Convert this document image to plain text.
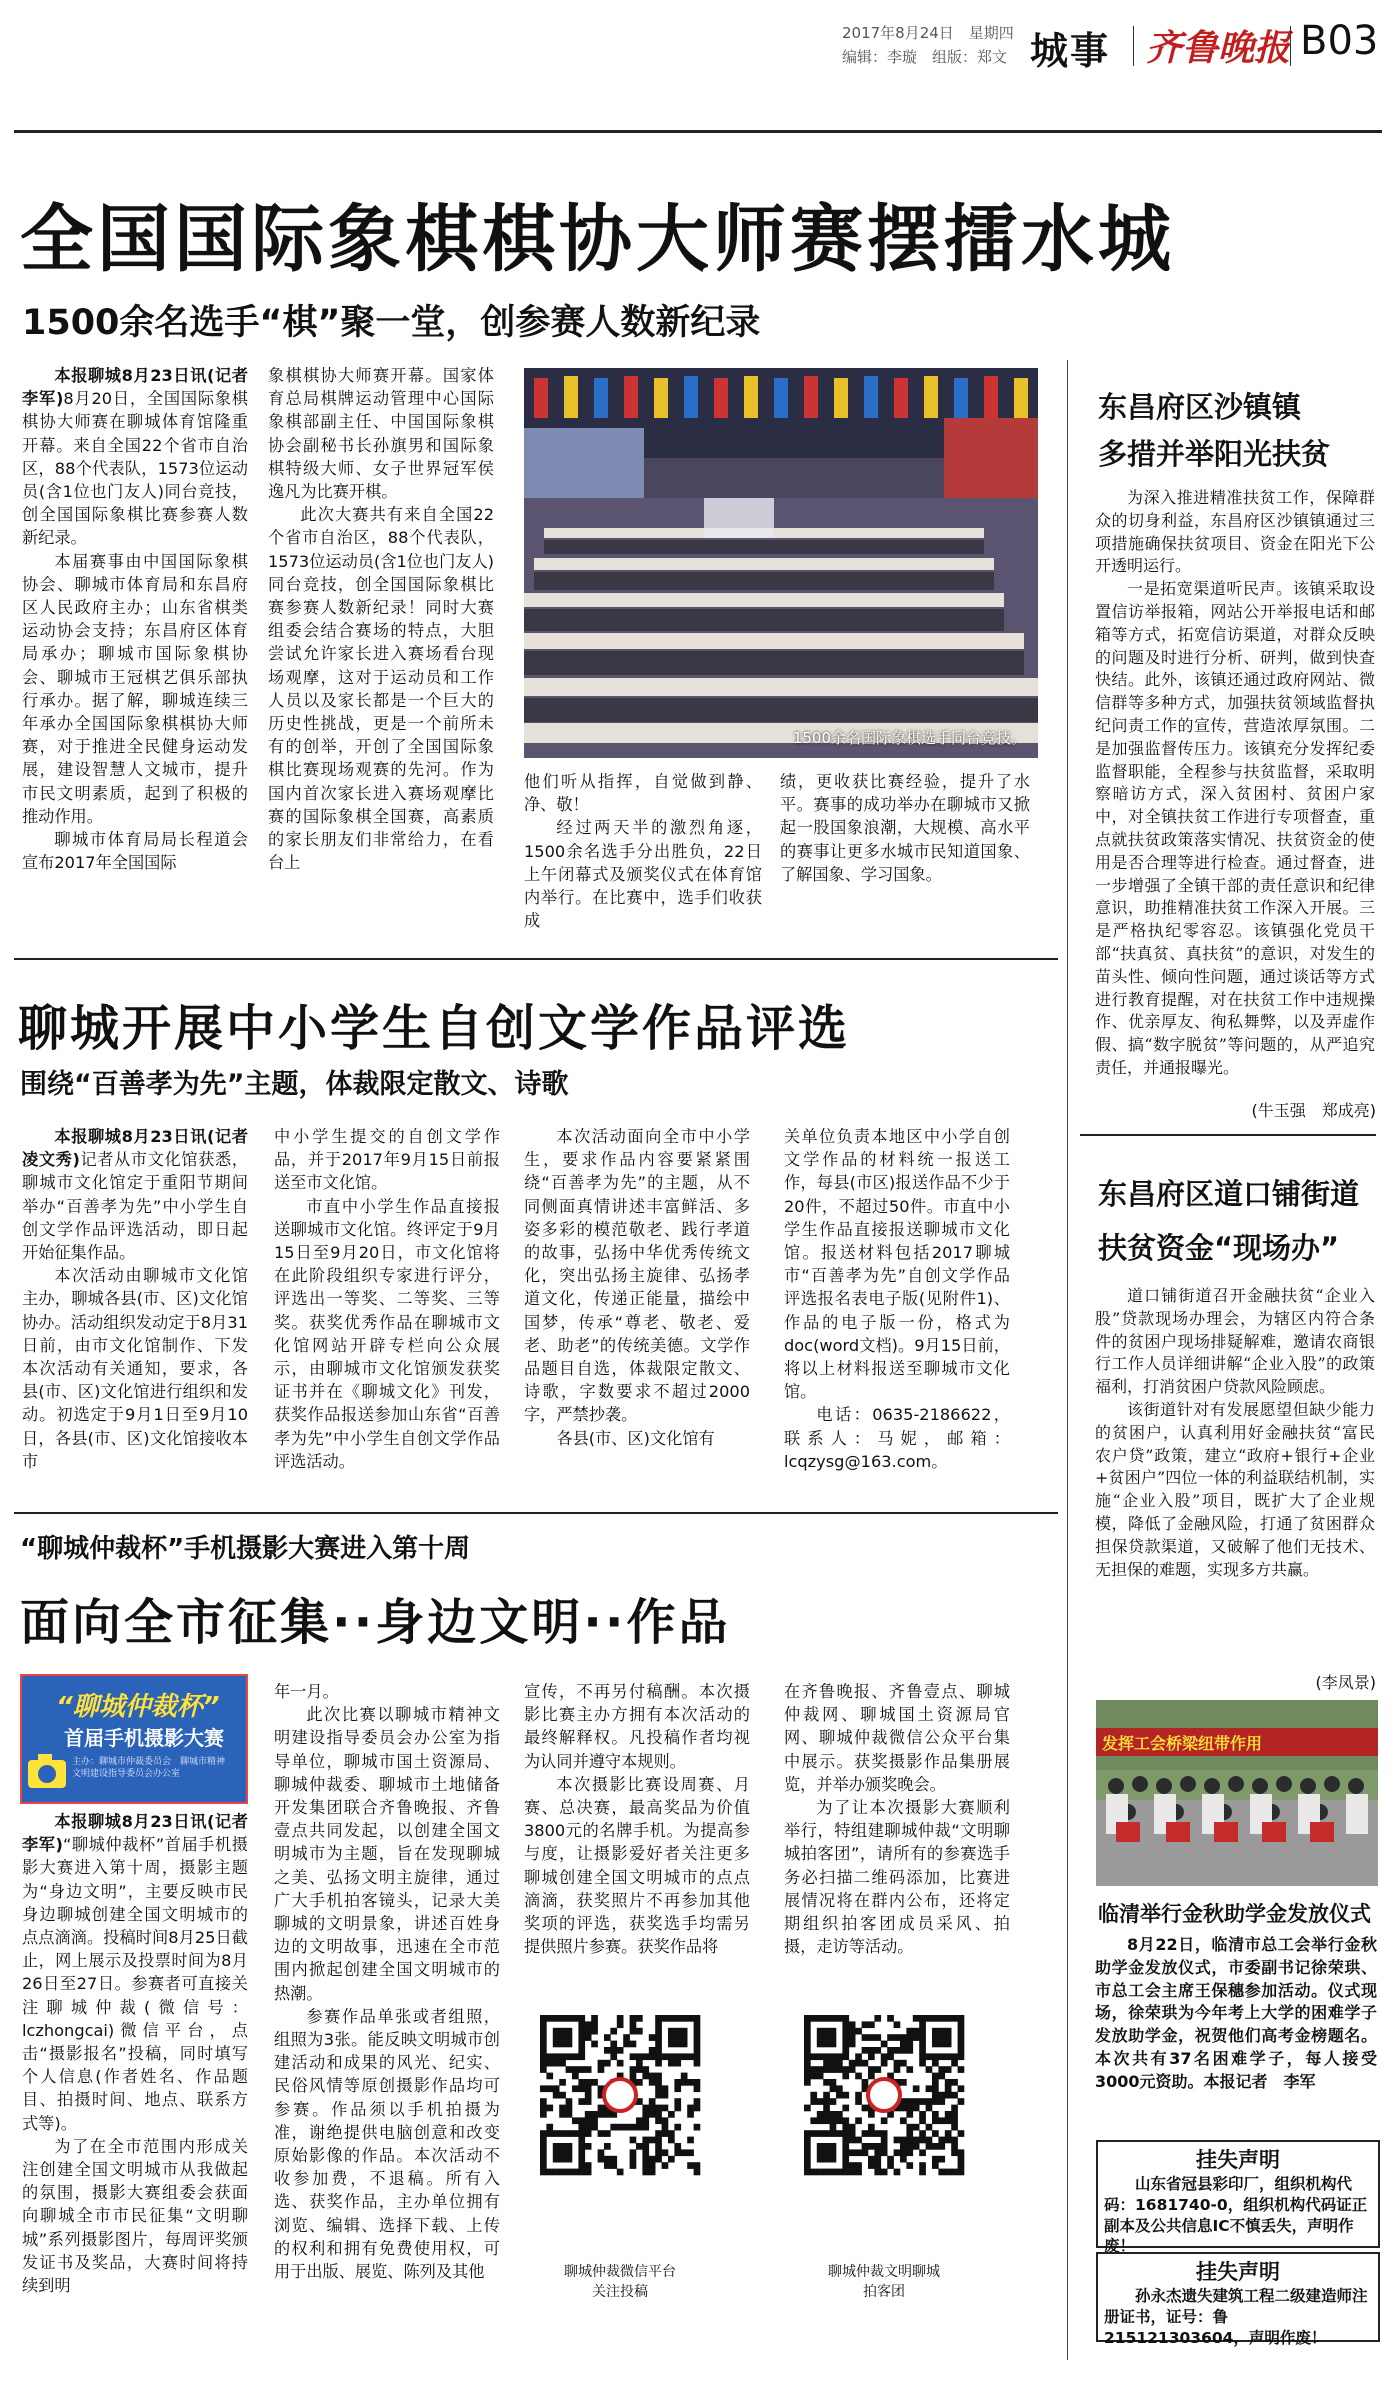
2017年8月24日　星期四
编辑：李璇　组版：郑文 城事 齐鲁晚报 B03
全国国际象棋棋协大师赛摆擂水城
1500余名选手“棋”聚一堂，创参赛人数新纪录

本报聊城8月23日讯(记者　李军)8月20日，全国国际象棋棋协大师赛在聊城体育馆隆重开幕。来自全国22个省市自治区，88个代表队，1573位运动员(含1位也门友人)同台竞技，创全国国际象棋比赛参赛人数新纪录。

本届赛事由中国国际象棋协会、聊城市体育局和东昌府区人民政府主办；山东省棋类运动协会支持；东昌府区体育局承办；聊城市国际象棋协会、聊城市王冠棋艺俱乐部执行承办。据了解，聊城连续三年承办全国国际象棋棋协大师赛，对于推进全民健身运动发展，建设智慧人文城市，提升市民文明素质，起到了积极的推动作用。

聊城市体育局局长程道会宣布2017年全国国际

象棋棋协大师赛开幕。国家体育总局棋牌运动管理中心国际象棋部副主任、中国国际象棋协会副秘书长孙旗男和国际象棋特级大师、女子世界冠军侯逸凡为比赛开棋。

此次大赛共有来自全国22个省市自治区，88个代表队，1573位运动员(含1位也门友人)同台竞技，创全国国际象棋比赛参赛人数新纪录！同时大赛组委会结合赛场的特点，大胆尝试允许家长进入赛场看台现场观摩，这对于运动员和工作人员以及家长都是一个巨大的历史性挑战，更是一个前所未有的创举，开创了全国国际象棋比赛现场观赛的先河。作为国内首次家长进入赛场观摩比赛的国际象棋全国赛，高素质的家长朋友们非常给力，在看台上

1500余名国际象棋选手同台竞技。

他们听从指挥，自觉做到静、净、敬！

经过两天半的激烈角逐，1500余名选手分出胜负，22日上午闭幕式及颁奖仪式在体育馆内举行。在比赛中，选手们收获成

绩，更收获比赛经验，提升了水平。赛事的成功举办在聊城市又掀起一股国象浪潮，大规模、高水平的赛事让更多水城市民知道国象、了解国象、学习国象。

聊城开展中小学生自创文学作品评选
围绕“百善孝为先”主题，体裁限定散文、诗歌

本报聊城8月23日讯(记者　凌文秀)记者从市文化馆获悉，聊城市文化馆定于重阳节期间举办“百善孝为先”中小学生自创文学作品评选活动，即日起开始征集作品。

本次活动由聊城市文化馆主办，聊城各县(市、区)文化馆协办。活动组织发动定于8月31日前，由市文化馆制作、下发本次活动有关通知，要求，各县(市、区)文化馆进行组织和发动。初选定于9月1日至9月10日，各县(市、区)文化馆接收本市

中小学生提交的自创文学作品，并于2017年9月15日前报送至市文化馆。

市直中小学生作品直接报送聊城市文化馆。终评定于9月15日至9月20日，市文化馆将在此阶段组织专家进行评分，评选出一等奖、二等奖、三等奖。获奖优秀作品在聊城市文化馆网站开辟专栏向公众展示，由聊城市文化馆颁发获奖证书并在《聊城文化》刊发，获奖作品报送参加山东省“百善孝为先”中小学生自创文学作品评选活动。

本次活动面向全市中小学生，要求作品内容要紧紧围绕“百善孝为先”的主题，从不同侧面真情讲述丰富鲜活、多姿多彩的模范敬老、践行孝道的故事，弘扬中华优秀传统文化，突出弘扬主旋律、弘扬孝道文化，传递正能量，描绘中国梦，传承“尊老、敬老、爱老、助老”的传统美德。文学作品题目自选，体裁限定散文、诗歌，字数要求不超过2000字，严禁抄袭。

各县(市、区)文化馆有

关单位负责本地区中小学自创文学作品的材料统一报送工作，每县(市区)报送作品不少于20件，不超过50件。市直中小学生作品直接报送聊城市文化馆。报送材料包括2017聊城市“百善孝为先”自创文学作品评选报名表电子版(见附件1)、作品的电子版一份，格式为doc(word文档)。9月15日前，将以上材料报送至聊城市文化馆。

电话：0635-2186622，联系人：马妮，邮箱：lcqzysg@163.com。

“聊城仲裁杯”手机摄影大赛进入第十周
面向全市征集··身边文明··作品
“聊城仲裁杯”
首届手机摄影大赛
主办：聊城市仲裁委员会　聊城市精神文明建设指导委员会办公室

本报聊城8月23日讯(记者　李军)“聊城仲裁杯”首届手机摄影大赛进入第十周，摄影主题为“身边文明”，主要反映市民身边聊城创建全国文明城市的点点滴滴。投稿时间8月25日截止，网上展示及投票时间为8月26日至27日。参赛者可直接关注聊城仲裁(微信号：lczhongcai)微信平台，点击“摄影报名”投稿，同时填写个人信息(作者姓名、作品题目、拍摄时间、地点、联系方式等)。

为了在全市范围内形成关注创建全国文明城市从我做起的氛围，摄影大赛组委会获面向聊城全市市民征集“文明聊城”系列摄影图片，每周评奖颁发证书及奖品，大赛时间将持续到明

年一月。

此次比赛以聊城市精神文明建设指导委员会办公室为指导单位，聊城市国土资源局、聊城仲裁委、聊城市土地储备开发集团联合齐鲁晚报、齐鲁壹点共同发起，以创建全国文明城市为主题，旨在发现聊城之美、弘扬文明主旋律，通过广大手机拍客镜头，记录大美聊城的文明景象，讲述百姓身边的文明故事，迅速在全市范围内掀起创建全国文明城市的热潮。

参赛作品单张或者组照，组照为3张。能反映文明城市创建活动和成果的风光、纪实、民俗风情等原创摄影作品均可参赛。作品须以手机拍摄为准，谢绝提供电脑创意和改变原始影像的作品。本次活动不收参加费，不退稿。所有入选、获奖作品，主办单位拥有浏览、编辑、选择下载、上传的权利和拥有免费使用权，可用于出版、展览、陈列及其他

宣传，不再另付稿酬。本次摄影比赛主办方拥有本次活动的最终解释权。凡投稿作者均视为认同并遵守本规则。

本次摄影比赛设周赛、月赛、总决赛，最高奖品为价值3800元的名牌手机。为提高参与度，让摄影爱好者关注更多聊城创建全国文明城市的点点滴滴，获奖照片不再参加其他奖项的评选，获奖选手均需另提供照片参赛。获奖作品将

在齐鲁晚报、齐鲁壹点、聊城仲裁网、聊城国土资源局官网、聊城仲裁微信公众平台集中展示。获奖摄影作品集册展览，并举办颁奖晚会。

为了让本次摄影大赛顺利举行，特组建聊城仲裁“文明聊城拍客团”，请所有的参赛选手务必扫描二维码添加，比赛进展情况将在群内公布，还将定期组织拍客团成员采风、拍摄，走访等活动。

聊城仲裁微信平台
关注投稿
聊城仲裁文明聊城
拍客团
东昌府区沙镇镇
多措并举阳光扶贫

为深入推进精准扶贫工作，保障群众的切身利益，东昌府区沙镇镇通过三项措施确保扶贫项目、资金在阳光下公开透明运行。

一是拓宽渠道听民声。该镇采取设置信访举报箱，网站公开举报电话和邮箱等方式，拓宽信访渠道，对群众反映的问题及时进行分析、研判，做到快查快结。此外，该镇还通过政府网站、微信群等多种方式，加强扶贫领域监督执纪问责工作的宣传，营造浓厚氛围。二是加强监督传压力。该镇充分发挥纪委监督职能，全程参与扶贫监督，采取明察暗访方式，深入贫困村、贫困户家中，对全镇扶贫工作进行专项督查，重点就扶贫政策落实情况、扶贫资金的使用是否合理等进行检查。通过督查，进一步增强了全镇干部的责任意识和纪律意识，助推精准扶贫工作深入开展。三是严格执纪零容忍。该镇强化党员干部“扶真贫、真扶贫”的意识，对发生的苗头性、倾向性问题，通过谈话等方式进行教育提醒，对在扶贫工作中违规操作、优亲厚友、徇私舞弊，以及弄虚作假、搞“数字脱贫”等问题的，从严追究责任，并通报曝光。

(牛玉强　郑成亮)
东昌府区道口铺街道
扶贫资金“现场办”

道口铺街道召开金融扶贫“企业入股”贷款现场办理会，为辖区内符合条件的贫困户现场排疑解难，邀请农商银行工作人员详细讲解“企业入股”的政策福利，打消贫困户贷款风险顾虑。

该街道针对有发展愿望但缺少能力的贫困户，认真利用好金融扶贫“富民农户贷”政策，建立“政府+银行+企业+贫困户”四位一体的利益联结机制，实施“企业入股”项目，既扩大了企业规模，降低了金融风险，打通了贫困群众担保贷款渠道，又破解了他们无技术、无担保的难题，实现多方共赢。

(李凤景)
发挥工会桥梁纽带作用
临清举行金秋助学金发放仪式

8月22日，临清市总工会举行金秋助学金发放仪式，市委副书记徐荣珙、市总工会主席王保穗参加活动。仪式现场，徐荣珙为今年考上大学的困难学子发放助学金，祝贺他们高考金榜题名。本次共有37名困难学子，每人接受3000元资助。本报记者　李军

挂失声明
山东省冠县彩印厂，组织机构代码：1681740-0，组织机构代码证正副本及公共信息IC不慎丢失，声明作废！
挂失声明
孙永杰遗失建筑工程二级建造师注册证书，证号：鲁215121303604，声明作废！
